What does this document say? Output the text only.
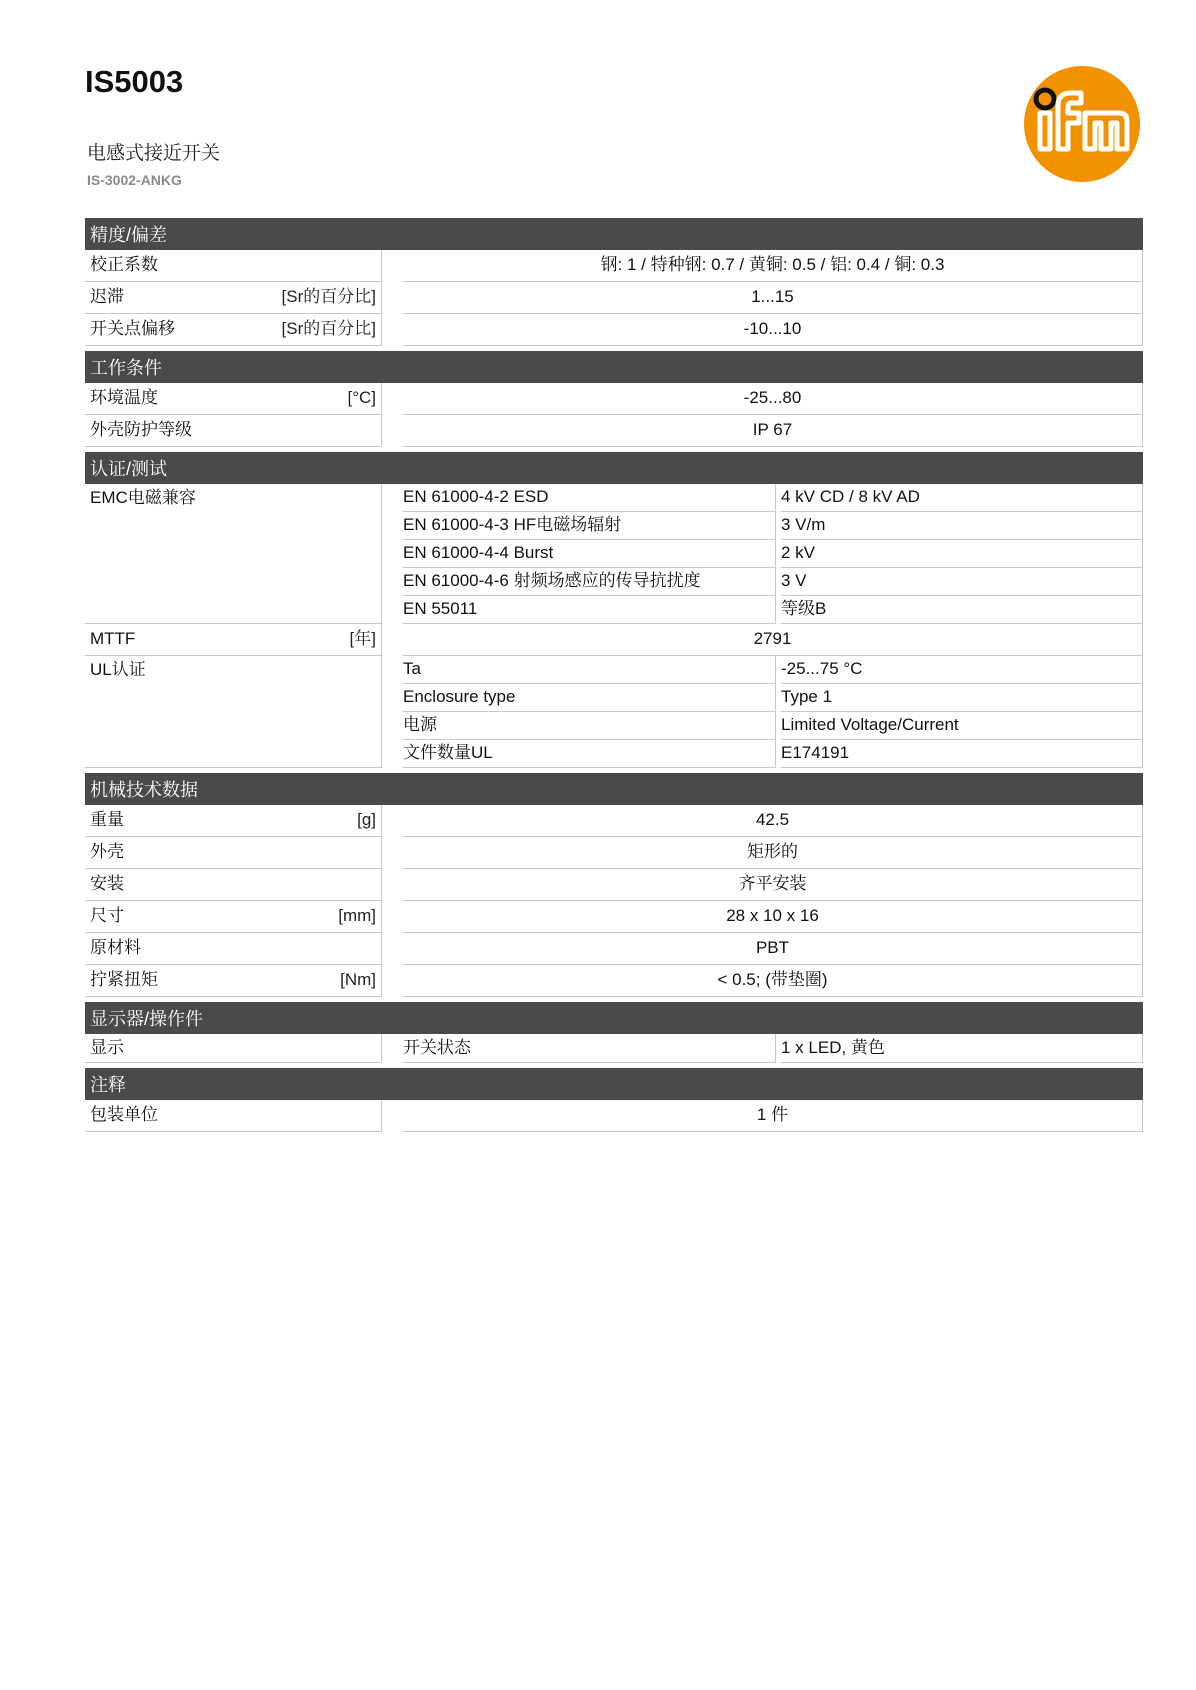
IS5003
电感式接近开关
IS-3002-ANKG
精度/偏差
校正系数	钢: 1 / 特种钢: 0.7 / 黄铜: 0.5 / 铝: 0.4 / 铜: 0.3
迟滞	[Sr的百分比]	1...15
开关点偏移	[Sr的百分比]	-10...10
工作条件
环境温度	[°C]	-25...80
外壳防护等级	IP 67
认证/测试
EMC电磁兼容	EN 61000-4-2 ESD	4 kV CD / 8 kV AD
EN 61000-4-3 HF电磁场辐射	3 V/m
EN 61000-4-4 Burst	2 kV
EN 61000-4-6 射频场感应的传导抗扰度	3 V
EN 55011	等级B
MTTF	[年]	2791
UL认证	Ta	-25...75 °C
Enclosure type	Type 1
电源	Limited Voltage/Current
文件数量UL	E174191
机械技术数据
重量	[g]	42.5
外壳	矩形的
安装	齐平安装
尺寸	[mm]	28 x 10 x 16
原材料	PBT
拧紧扭矩	[Nm]	< 0.5; (带垫圈)
显示器/操作件
显示	开关状态	1 x LED, 黄色
注释
包装单位	1 件
